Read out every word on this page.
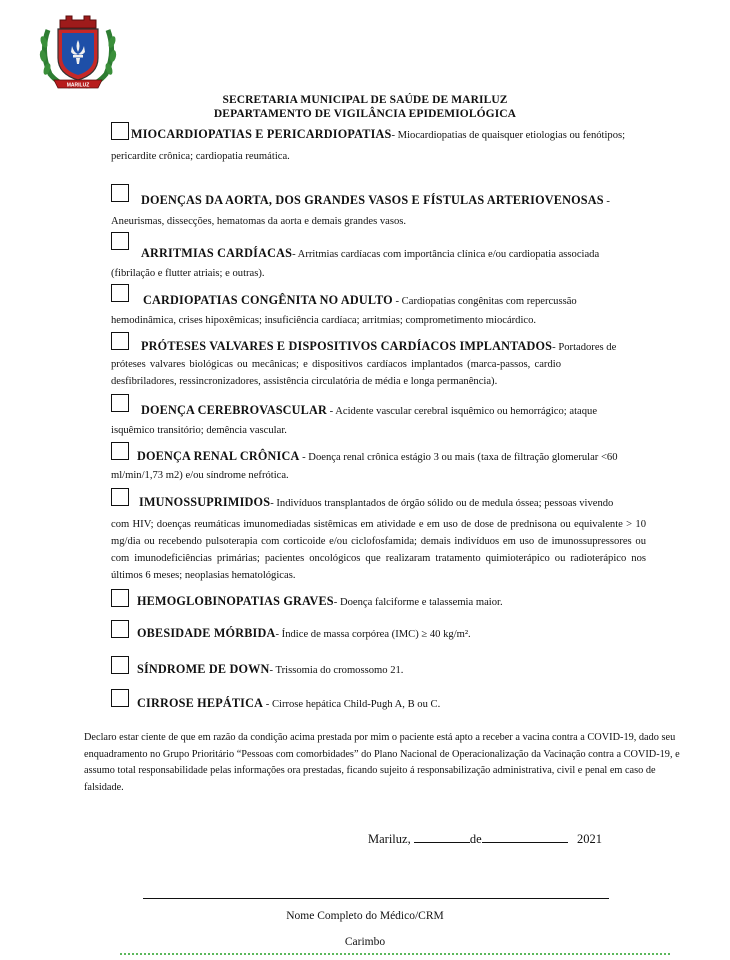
MARILUZ
SECRETARIA MUNICIPAL DE SAÚDE DE MARILUZ
DEPARTAMENTO DE VIGILÂNCIA EPIDEMIOLÓGICA
MIOCARDIOPATIAS E PERICARDIOPATIAS- Miocardiopatias de quaisquer etiologias ou fenótipos;
pericardite crônica; cardiopatia reumática.
DOENÇAS DA AORTA, DOS GRANDES VASOS E FÍSTULAS ARTERIOVENOSAS -
Aneurismas, dissecções, hematomas da aorta e demais grandes vasos.
ARRITMIAS CARDÍACAS- Arritmias cardíacas com importância clínica e/ou cardiopatia associada
(fibrilação e flutter atriais; e outras).
CARDIOPATIAS CONGÊNITA NO ADULTO - Cardiopatias congênitas com repercussão
hemodinâmica, crises hipoxêmicas; insuficiência cardíaca; arritmias; comprometimento miocárdico.
PRÓTESES VALVARES E DISPOSITIVOS CARDÍACOS IMPLANTADOS- Portadores de
próteses valvares biológicas ou mecânicas; e dispositivos cardíacos implantados (marca-passos, cardio desfibriladores, ressincronizadores, assistência circulatória de média e longa permanência).
DOENÇA CEREBROVASCULAR - Acidente vascular cerebral isquêmico ou hemorrágico; ataque
isquêmico transitório; demência vascular.
DOENÇA RENAL CRÔNICA - Doença renal crônica estágio 3 ou mais (taxa de filtração glomerular <60
ml/min/1,73 m2) e/ou síndrome nefrótica.
IMUNOSSUPRIMIDOS- Indivíduos transplantados de órgão sólido ou de medula óssea; pessoas vivendo
com HIV; doenças reumáticas imunomediadas sistêmicas em atividade e em uso de dose de prednisona ou equivalente > 10 mg/dia ou recebendo pulsoterapia com corticoide e/ou ciclofosfamida; demais indivíduos em uso de imunossupressores ou com imunodeficiências primárias; pacientes oncológicos que realizaram tratamento quimioterápico ou radioterápico nos últimos 6 meses; neoplasias hematológicas.
HEMOGLOBINOPATIAS GRAVES- Doença falciforme e talassemia maior.
OBESIDADE MÓRBIDA- Índice de massa corpórea (IMC) ≥ 40 kg/m².
SÍNDROME DE DOWN- Trissomia do cromossomo 21.
CIRROSE HEPÁTICA - Cirrose hepática Child-Pugh A, B ou C.
Declaro estar ciente de que em razão da condição acima prestada por mim o paciente está apto a receber a vacina contra a COVID-19, dado seu enquadramento no Grupo Prioritário “Pessoas com comorbidades” do Plano Nacional de Operacionalização da Vacinação contra a COVID-19, e assumo total responsabilidade pelas informações ora prestadas, ficando sujeito á responsabilização administrativa, civil e penal em caso de falsidade.
Mariluz,	de	2021
Nome Completo do Médico/CRM
Carimbo
